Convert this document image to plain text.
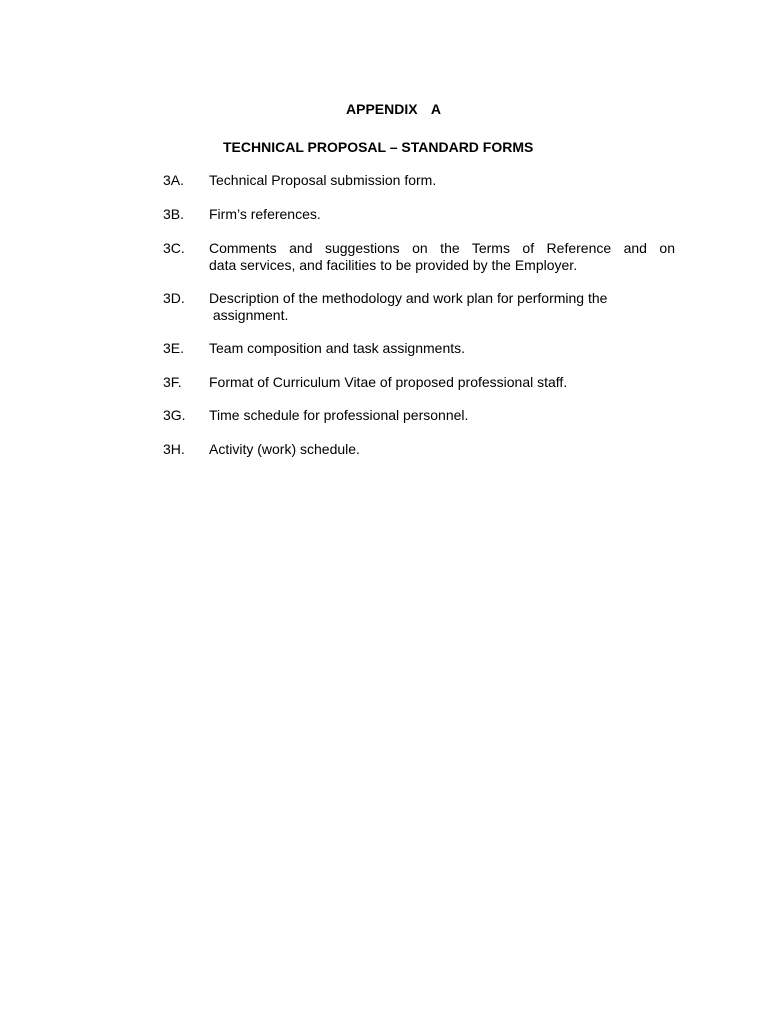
APPENDIX  A
TECHNICAL PROPOSAL – STANDARD FORMS
3A.	Technical Proposal submission form.
3B.	Firm’s references.
3C.	Comments and suggestions on the Terms of Reference and on
data services, and facilities to be provided by the Employer.
3D.	Description of the methodology and work plan for performing the
assignment.
3E.	Team composition and task assignments.
3F.	Format of Curriculum Vitae of proposed professional staff.
3G.	Time schedule for professional personnel.
3H.	Activity (work) schedule.
